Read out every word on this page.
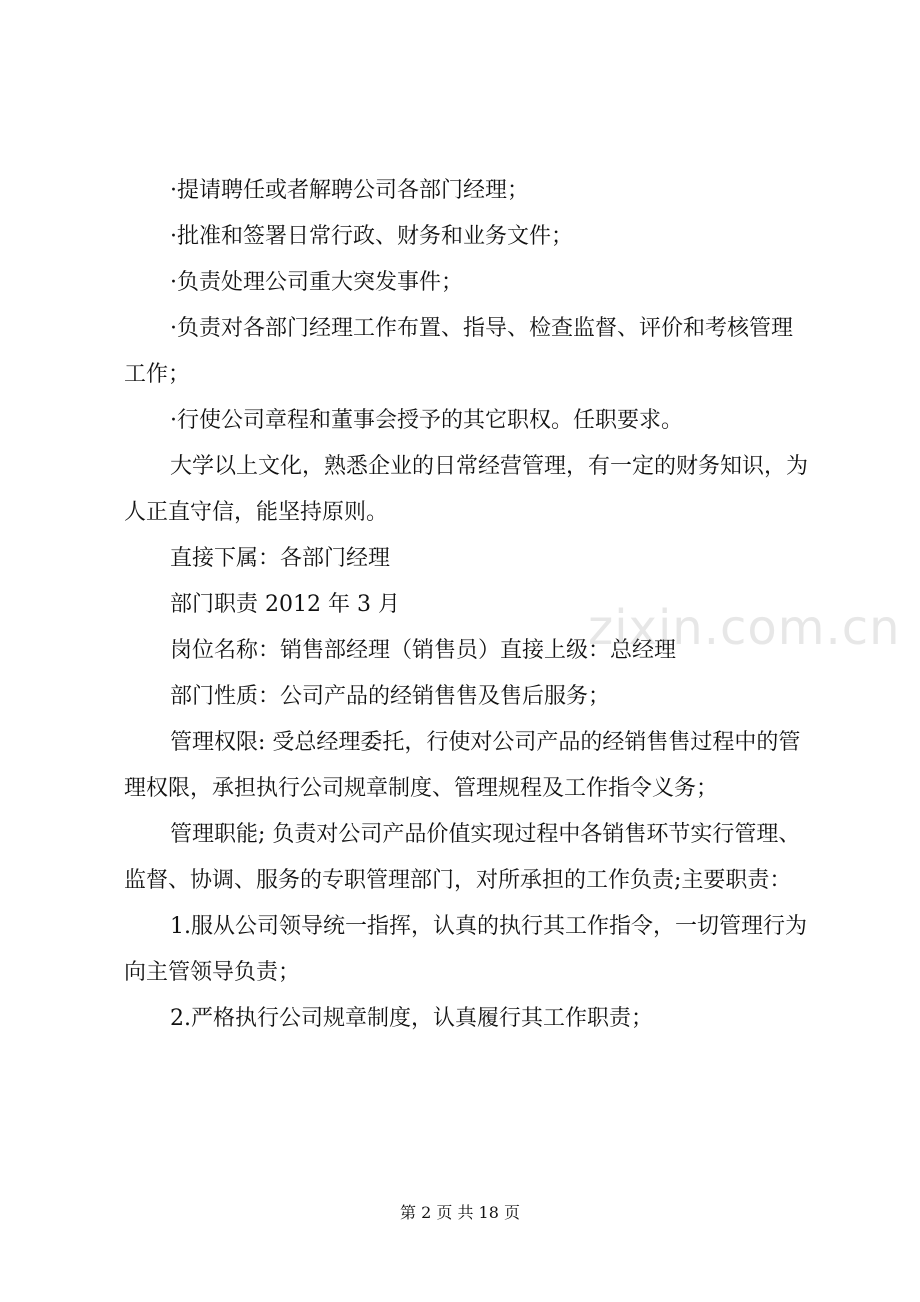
·提请聘任或者解聘公司各部门经理；

·批准和签署日常行政、财务和业务文件；

·负责处理公司重大突发事件；

·负责对各部门经理工作布置、指导、检查监督、评价和考核管理工作；

·行使公司章程和董事会授予的其它职权。任职要求。

大学以上文化，熟悉企业的日常经营管理，有一定的财务知识，为人正直守信，能坚持原则。

直接下属：各部门经理

部门职责 2012 年 3 月

岗位名称：销售部经理（销售员）直接上级：总经理

部门性质：公司产品的经销售售及售后服务；

管理权限: 受总经理委托，行使对公司产品的经销售售过程中的管理权限，承担执行公司规章制度、管理规程及工作指令义务；

管理职能; 负责对公司产品价值实现过程中各销售环节实行管理、监督、协调、服务的专职管理部门，对所承担的工作负责;主要职责：

1.服从公司领导统一指挥，认真的执行其工作指令，一切管理行为向主管领导负责；

2.严格执行公司规章制度，认真履行其工作职责；

zixin.com.cn
第 2 页 共 18 页
